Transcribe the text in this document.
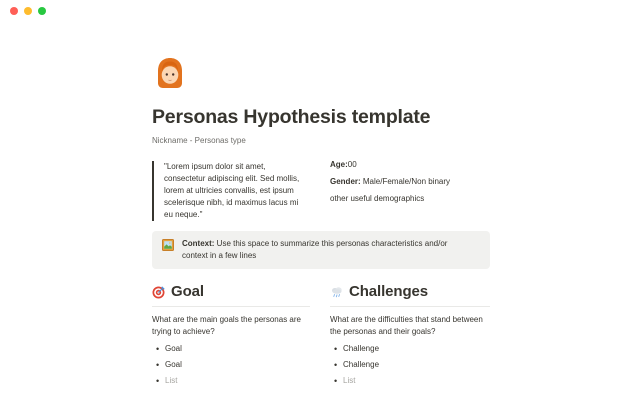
Personas Hypothesis template
Nickname - Personas type
"Lorem ipsum dolor sit amet,
consectetur adipiscing elit. Sed mollis,
lorem at ultricies convallis, est ipsum
scelerisque nibh, id maximus lacus mi
eu neque."
Age:00
Gender: Male/Female/Non binary
other useful demographics
Context: Use this space to summarize this personas characteristics and/or context in a few lines
Goal
What are the main goals the personas are
trying to achieve?
• Goal
• Goal
• List
Challenges
What are the difficulties that stand between
the personas and their goals?
• Challenge
• Challenge
• List
